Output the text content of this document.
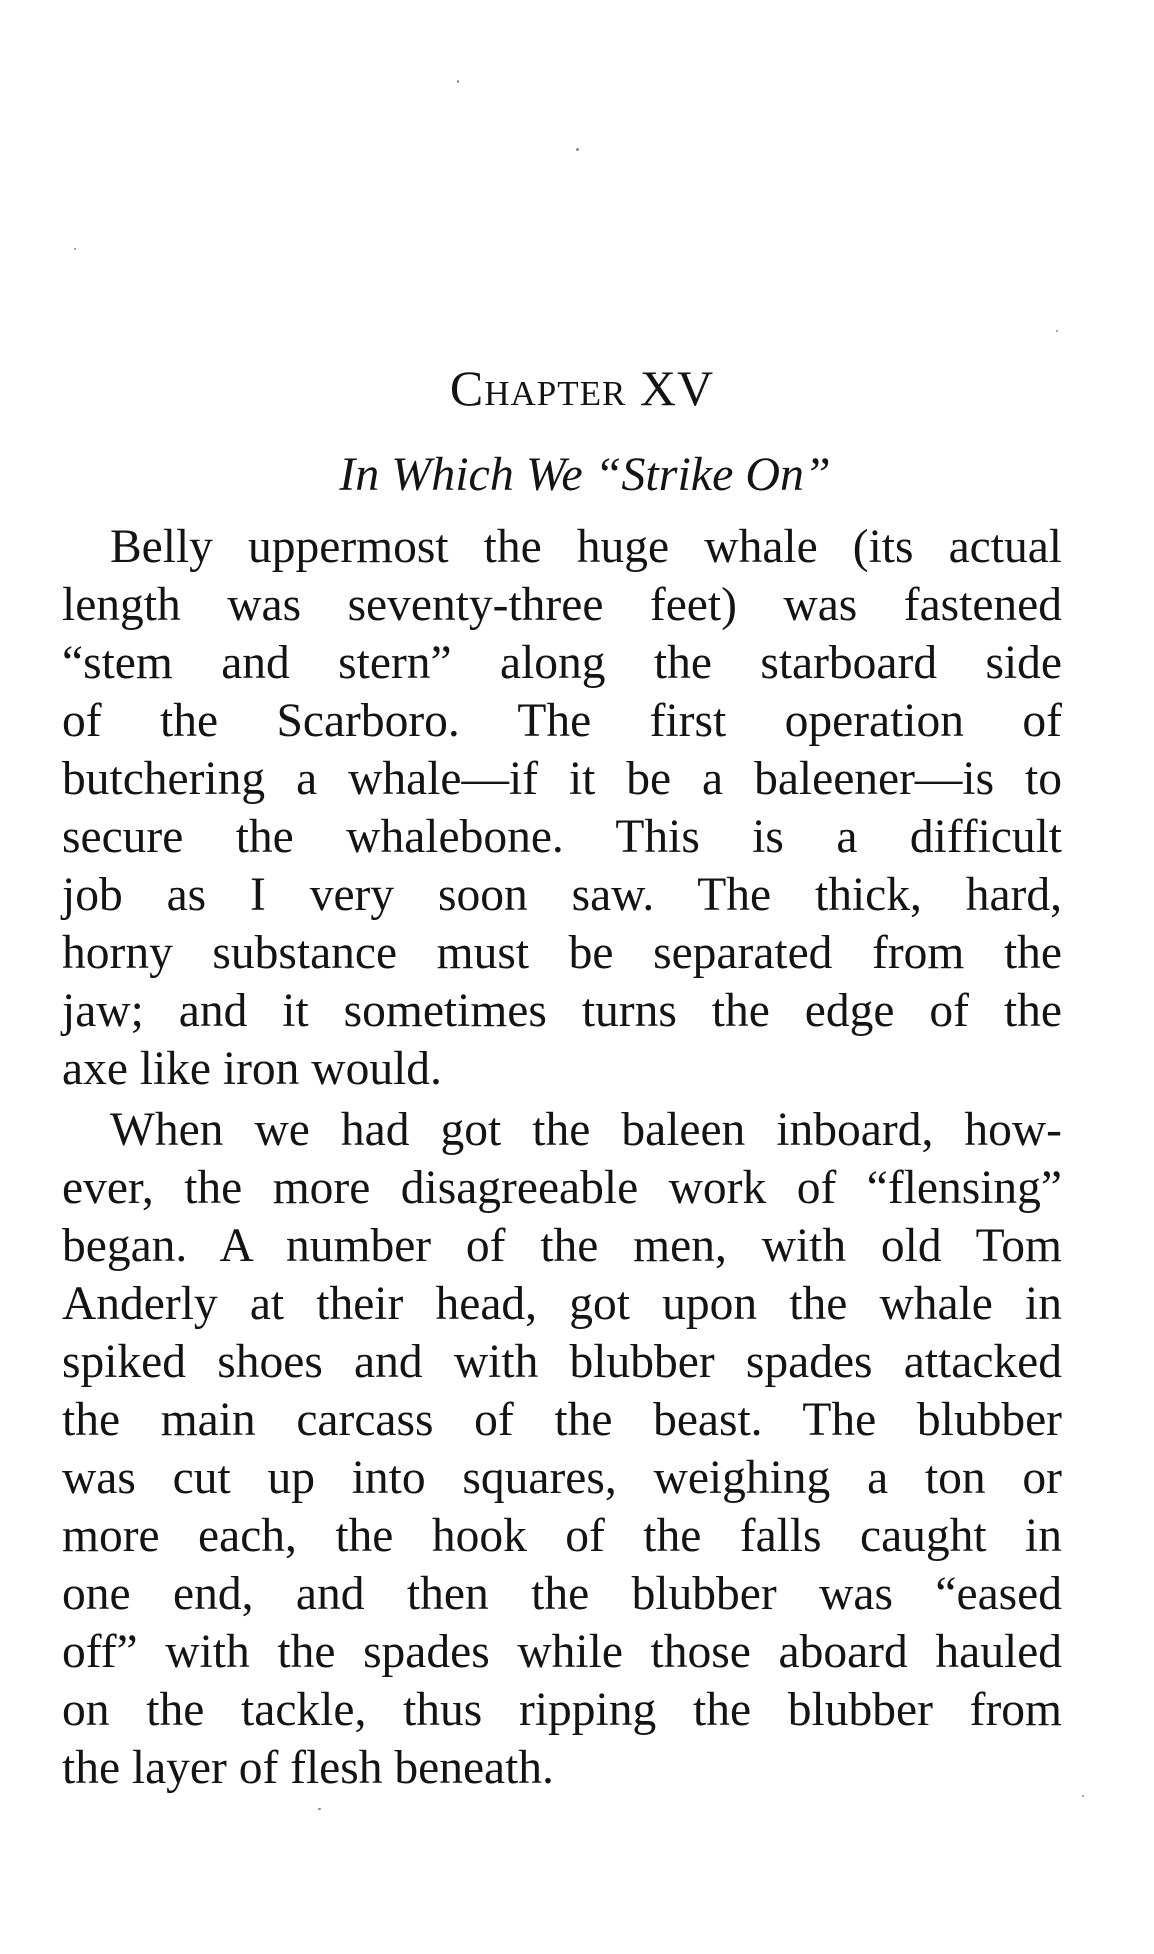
Chapter XV
In Which We “Strike On”
Belly uppermost the huge whale (its actual
length was seventy-three feet) was fastened
“stem and stern” along the starboard side
of the Scarboro. The first operation of
butchering a whale—if it be a baleener—is to
secure the whalebone. This is a difficult
job as I very soon saw. The thick, hard,
horny substance must be separated from the
jaw; and it sometimes turns the edge of the
axe like iron would.
When we had got the baleen inboard, how-
ever, the more disagreeable work of “flensing”
began. A number of the men, with old Tom
Anderly at their head, got upon the whale in
spiked shoes and with blubber spades attacked
the main carcass of the beast. The blubber
was cut up into squares, weighing a ton or
more each, the hook of the falls caught in
one end, and then the blubber was “eased
off” with the spades while those aboard hauled
on the tackle, thus ripping the blubber from
the layer of flesh beneath.
